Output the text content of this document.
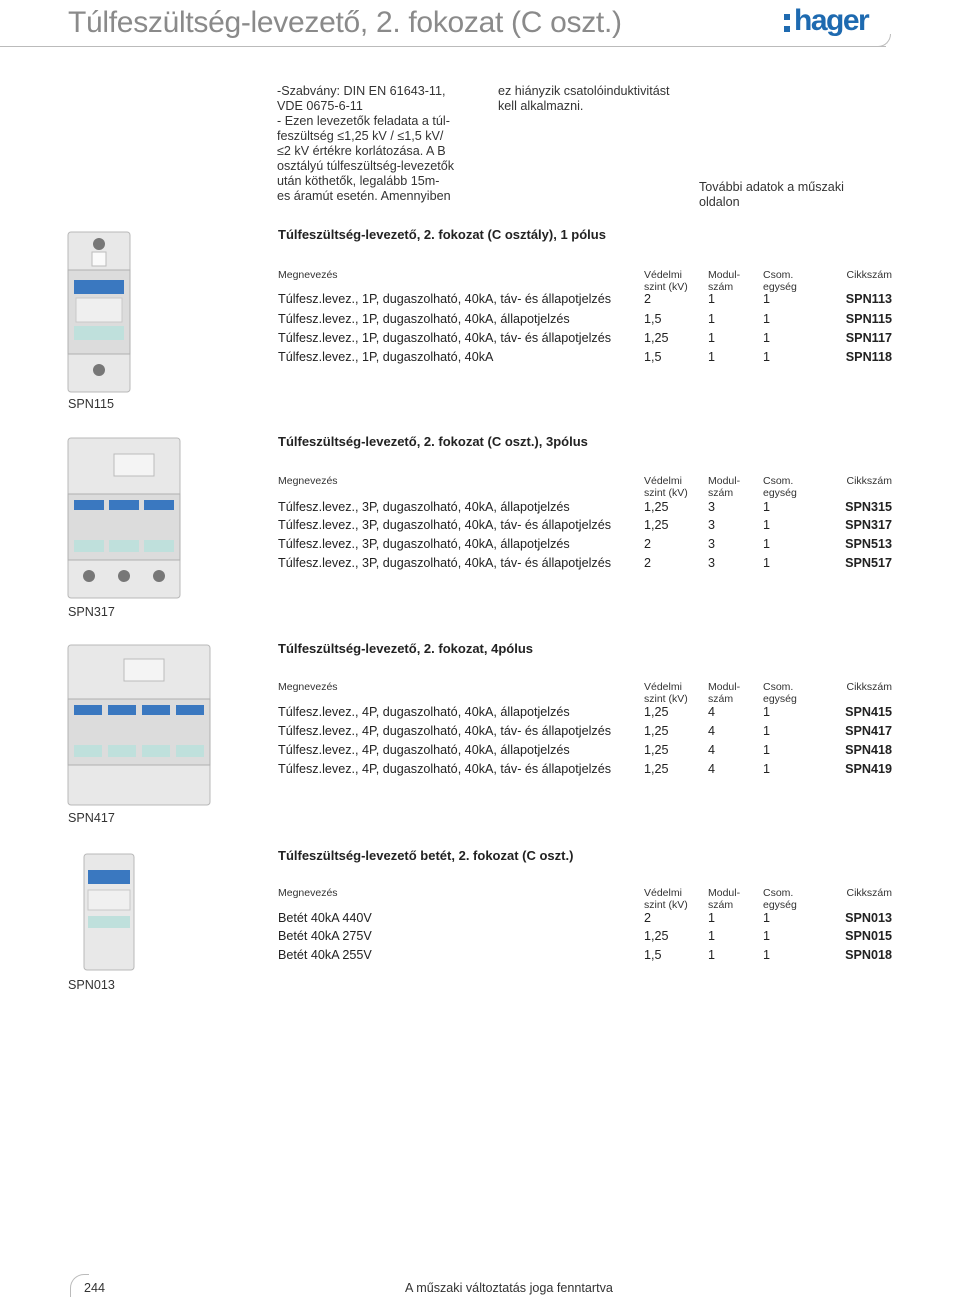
Túlfeszültség-levezető, 2. fokozat (C oszt.)	hager
-Szabvány: DIN EN 61643-11,
VDE 0675-6-11
- Ezen levezetők feladata a túl-
feszültség ≤1,25 kV / ≤1,5 kV/
≤2 kV értékre korlátozása. A B
osztályú túlfeszültség-levezetők
után köthetők, legalább 15m-
es áramút esetén. Amennyiben
ez hiányzik csatolóinduktivitást
kell alkalmazni.
További adatok a műszaki
oldalon
Túlfeszültség-levezető, 2. fokozat (C osztály), 1 pólus
Megnevezés	Védelmi
szint (kV)
Modul-
szám
Csom.
egység
Cikkszám
Túlfesz.levez., 1P, dugaszolható, 40kA, táv- és állapotjelzés	2	1	1	SPN113
Túlfesz.levez., 1P, dugaszolható, 40kA, állapotjelzés	1,5	1	1	SPN115
Túlfesz.levez., 1P, dugaszolható, 40kA, táv- és állapotjelzés	1,25	1	1	SPN117
Túlfesz.levez., 1P, dugaszolható, 40kA	1,5	1	1	SPN118
Túlfeszültség-levezető, 2. fokozat (C oszt.), 3pólus
Megnevezés	Védelmi
szint (kV)
Modul-
szám
Csom.
egység
Cikkszám
Túlfesz.levez., 3P, dugaszolható, 40kA, állapotjelzés	1,25	3	1	SPN315
Túlfesz.levez., 3P, dugaszolható, 40kA, táv- és állapotjelzés	1,25	3	1	SPN317
Túlfesz.levez., 3P, dugaszolható, 40kA, állapotjelzés	2	3	1	SPN513
Túlfesz.levez., 3P, dugaszolható, 40kA, táv- és állapotjelzés	2	3	1	SPN517
Túlfeszültség-levezető, 2. fokozat, 4pólus
Megnevezés	Védelmi
szint (kV)
Modul-
szám
Csom.
egység
Cikkszám
Túlfesz.levez., 4P, dugaszolható, 40kA, állapotjelzés	1,25	4	1	SPN415
Túlfesz.levez., 4P, dugaszolható, 40kA, táv- és állapotjelzés	1,25	4	1	SPN417
Túlfesz.levez., 4P, dugaszolható, 40kA, állapotjelzés	1,25	4	1	SPN418
Túlfesz.levez., 4P, dugaszolható, 40kA, táv- és állapotjelzés	1,25	4	1	SPN419
Túlfeszültség-levezető betét, 2. fokozat (C oszt.)
Megnevezés	Védelmi
szint (kV)
Modul-
szám
Csom.
egység
Cikkszám
Betét 40kA 440V	2	1	1	SPN013
Betét 40kA 275V	1,25	1	1	SPN015
Betét 40kA 255V	1,5	1	1	SPN018
SPN115
SPN317
SPN417
SPN013
244	A műszaki változtatás joga fenntartva
